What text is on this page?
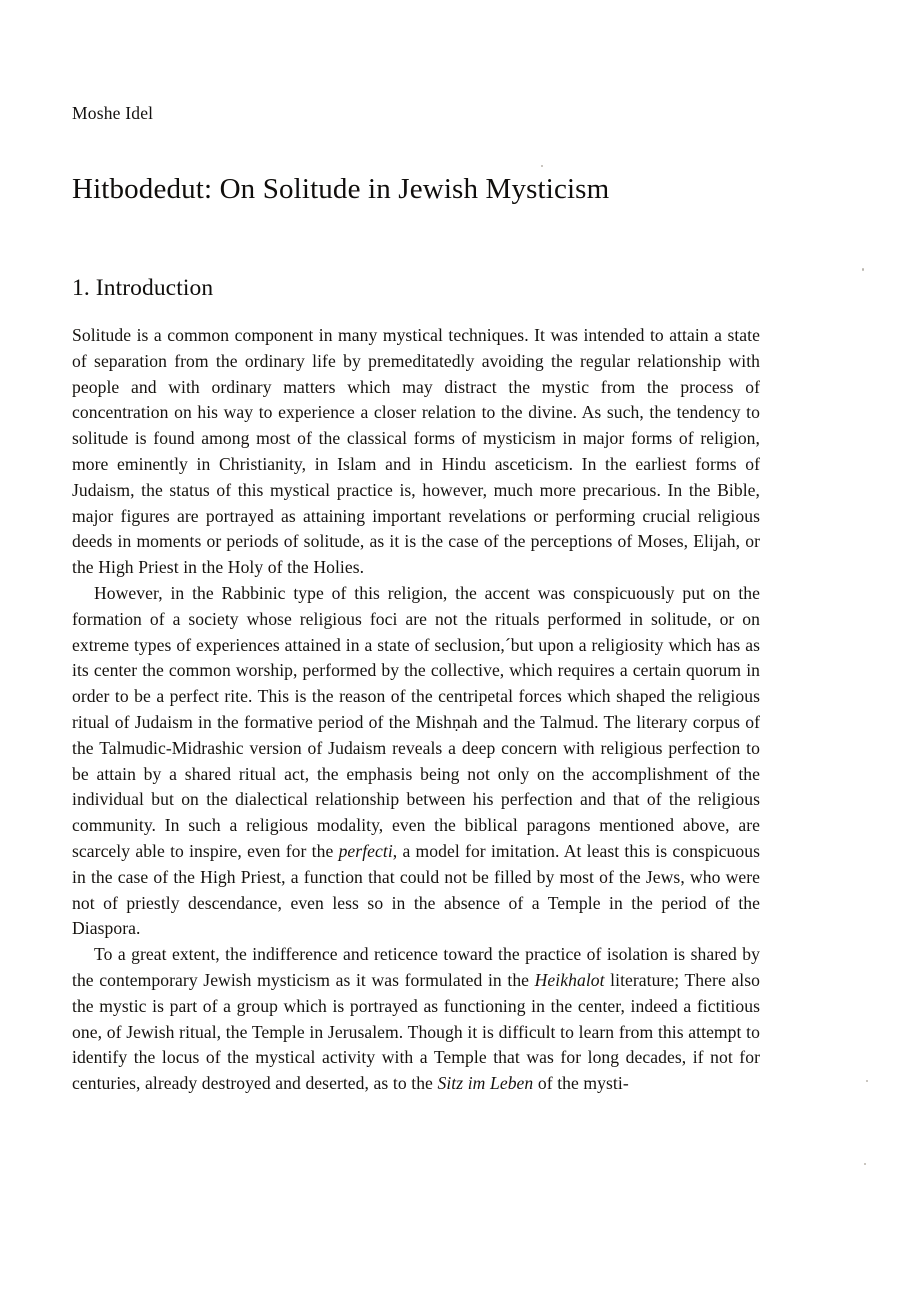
Moshe Idel
Hitbodedut: On Solitude in Jewish Mysticism
1. Introduction

Solitude is a common component in many mystical techniques. It was intended to attain a state of separation from the ordinary life by premeditatedly avoiding the regular relationship with people and with ordinary matters which may distract the mystic from the process of concentration on his way to experience a closer relation to the divine. As such, the tendency to solitude is found among most of the classical forms of mysticism in major forms of religion, more eminently in Christianity, in Islam and in Hindu asceticism. In the earliest forms of Judaism, the status of this mystical practice is, however, much more precarious. In the Bible, major figures are portrayed as attaining important revelations or performing crucial religious deeds in moments or periods of solitude, as it is the case of the perceptions of Moses, Elijah, or the High Priest in the Holy of the Holies.

However, in the Rabbinic type of this religion, the accent was conspicuously put on the formation of a society whose religious foci are not the rituals performed in solitude, or on extreme types of experiences attained in a state of seclusion,´but upon a religiosity which has as its center the common worship, performed by the collective, which requires a certain quorum in order to be a perfect rite. This is the reason of the centripetal forces which shaped the religious ritual of Judaism in the formative period of the Mishṇah and the Talmud. The literary corpus of the Talmudic-Midrashic version of Judaism reveals a deep concern with religious perfection to be attain by a shared ritual act, the emphasis being not only on the accomplishment of the individual but on the dialectical relationship between his perfection and that of the religious community. In such a religious modality, even the biblical paragons mentioned above, are scarcely able to inspire, even for the perfecti, a model for imitation. At least this is conspicuous in the case of the High Priest, a function that could not be filled by most of the Jews, who were not of priestly descendance, even less so in the absence of a Temple in the period of the Diaspora.

To a great extent, the indifference and reticence toward the practice of isolation is shared by the contemporary Jewish mysticism as it was formulated in the Heikhalot literature; There also the mystic is part of a group which is portrayed as functioning in the center, indeed a fictitious one, of Jewish ritual, the Temple in Jerusalem. Though it is difficult to learn from this attempt to identify the locus of the mystical activity with a Temple that was for long decades, if not for centuries, already destroyed and deserted, as to the Sitz im Leben of the mysti-
